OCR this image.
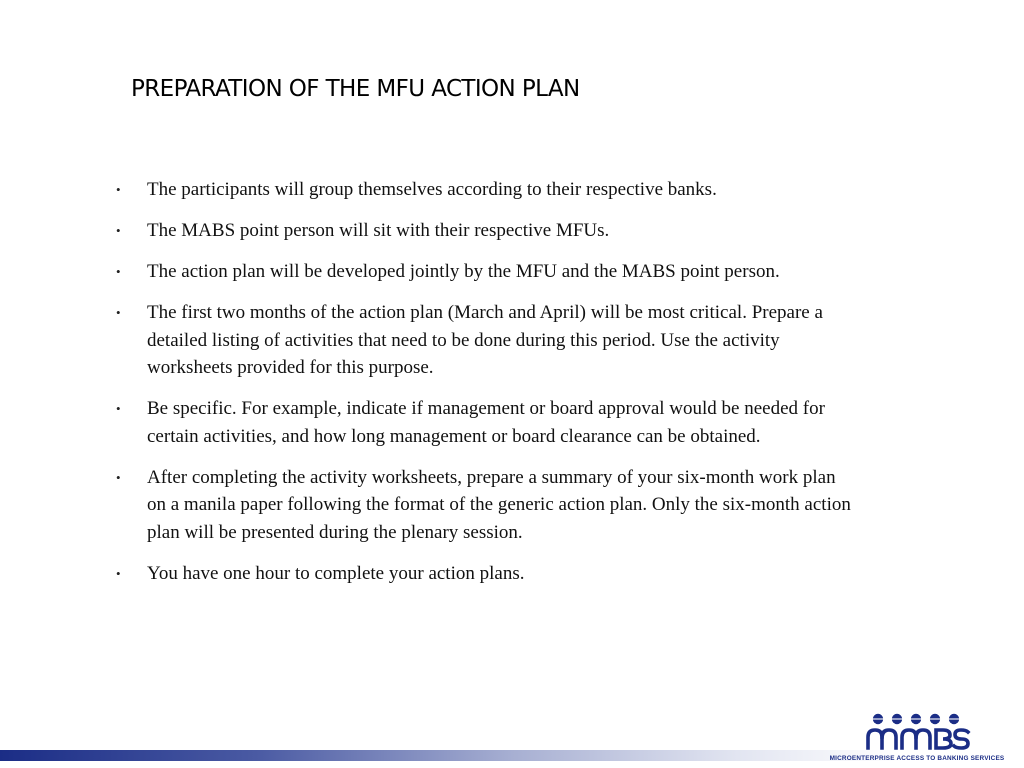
PREPARATION OF THE MFU ACTION PLAN
• The participants will group themselves according to their respective banks.
• The MABS point person will sit with their respective MFUs.
• The action plan will be developed jointly by the MFU and the MABS point person.
• The first two months of the action plan (March and April) will be most critical. Prepare a detailed listing of activities that need to be done during this period. Use the activity worksheets provided for this purpose.
• Be specific. For example, indicate if management or board approval would be needed for certain activities, and how long management or board clearance can be obtained.
• After completing the activity worksheets, prepare a summary of your six-month work plan on a manila paper following the format of the generic action plan. Only the six-month action plan will be presented during the plenary session.
• You have one hour to complete your action plans.
MICROENTERPRISE ACCESS TO BANKING SERVICES
